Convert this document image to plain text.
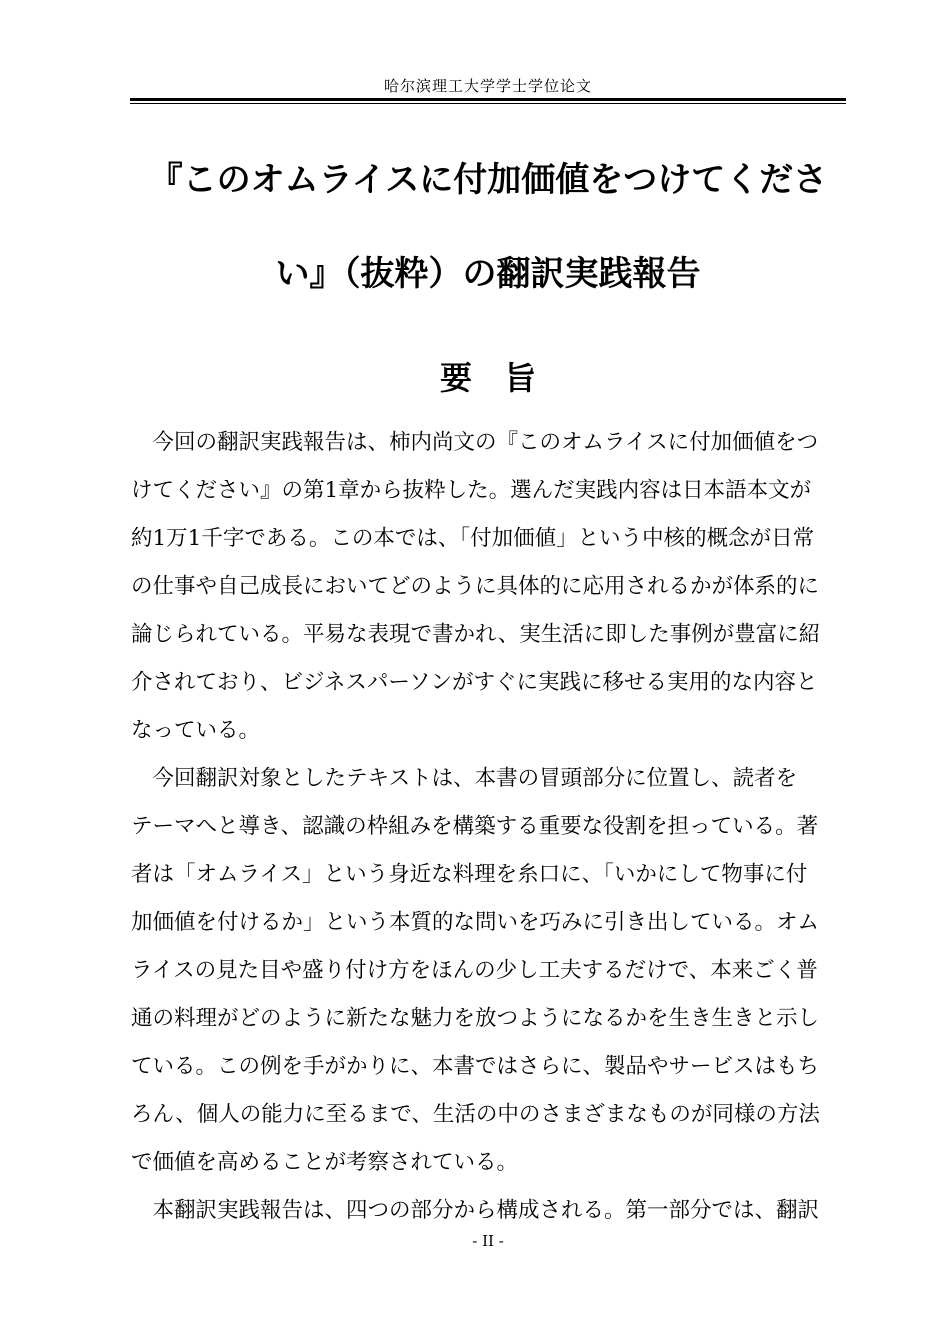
哈尔滨理工大学学士学位论文
『このオムライスに付加価値をつけてくださ
い』（抜粋）の翻訳実践報告
要　旨
　今回の翻訳実践報告は、柿内尚文の『このオムライスに付加価値をつ
けてください』の第1章から抜粋した。選んだ実践内容は日本語本文が
約1万1千字である。この本では、「付加価値」という中核的概念が日常
の仕事や自己成長においてどのように具体的に応用されるかが体系的に
論じられている。平易な表現で書かれ、実生活に即した事例が豊富に紹
介されており、ビジネスパーソンがすぐに実践に移せる実用的な内容と
なっている。
　今回翻訳対象としたテキストは、本書の冒頭部分に位置し、読者を
テーマへと導き、認識の枠組みを構築する重要な役割を担っている。著
者は「オムライス」という身近な料理を糸口に、「いかにして物事に付
加価値を付けるか」という本質的な問いを巧みに引き出している。オム
ライスの見た目や盛り付け方をほんの少し工夫するだけで、本来ごく普
通の料理がどのように新たな魅力を放つようになるかを生き生きと示し
ている。この例を手がかりに、本書ではさらに、製品やサービスはもち
ろん、個人の能力に至るまで、生活の中のさまざまなものが同様の方法
で価値を高めることが考察されている。
　本翻訳実践報告は、四つの部分から構成される。第一部分では、翻訳
- II -
